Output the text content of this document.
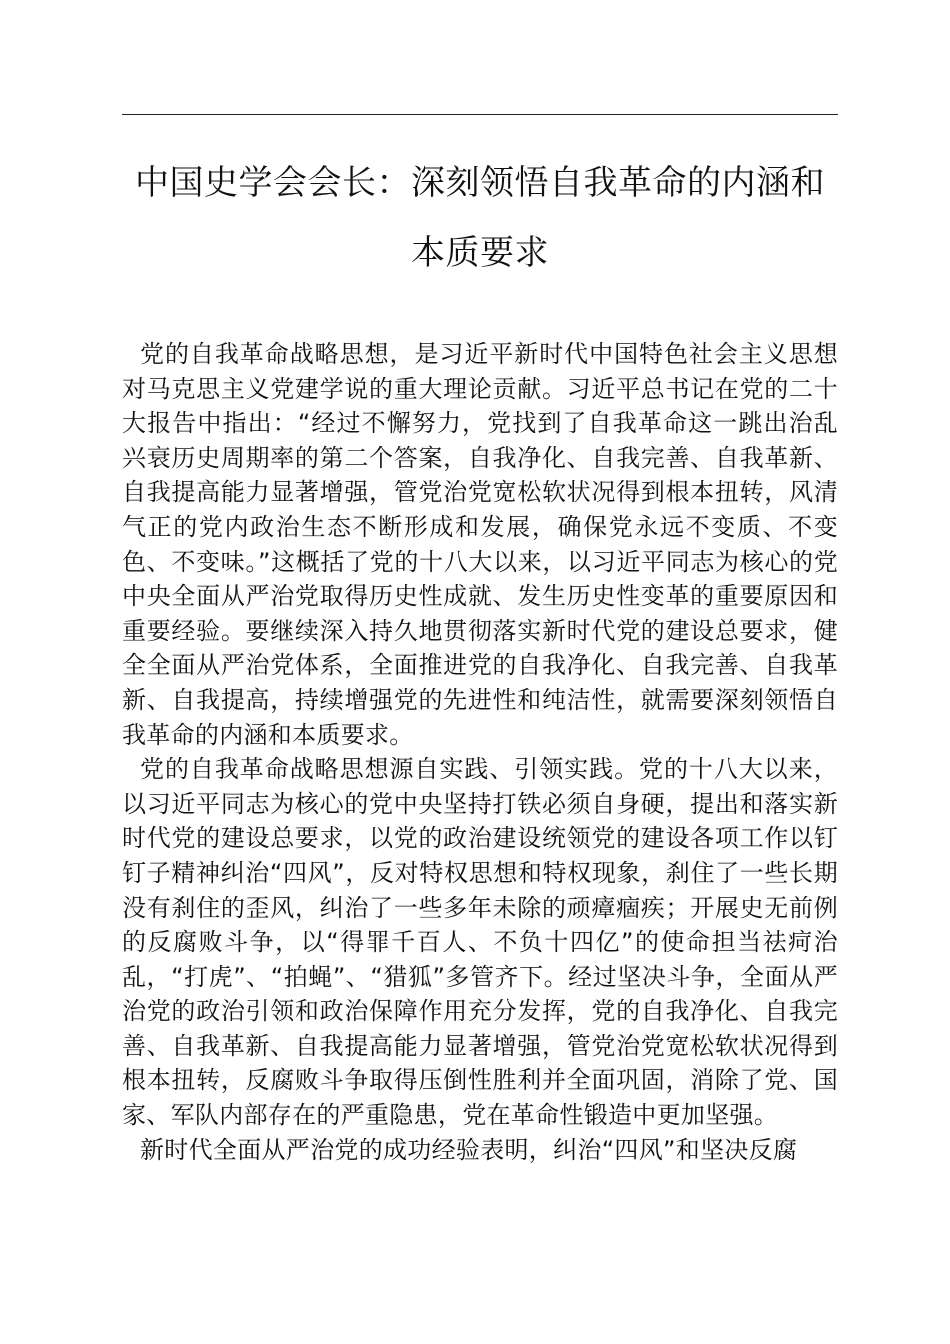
中国史学会会长：深刻领悟自我革命的内涵和
本质要求

党的自我革命战略思想，是习近平新时代中国特色社会主义思想对马克思主义党建学说的重大理论贡献。习近平总书记在党的二十大报告中指出：“经过不懈努力，党找到了自我革命这一跳出治乱兴衰历史周期率的第二个答案，自我净化、自我完善、自我革新、自我提高能力显著增强，管党治党宽松软状况得到根本扭转，风清气正的党内政治生态不断形成和发展，确保党永远不变质、不变色、不变味。”这概括了党的十八大以来，以习近平同志为核心的党中央全面从严治党取得历史性成就、发生历史性变革的重要原因和重要经验。要继续深入持久地贯彻落实新时代党的建设总要求，健全全面从严治党体系，全面推进党的自我净化、自我完善、自我革新、自我提高，持续增强党的先进性和纯洁性，就需要深刻领悟自我革命的内涵和本质要求。

党的自我革命战略思想源自实践、引领实践。党的十八大以来，以习近平同志为核心的党中央坚持打铁必须自身硬，提出和落实新时代党的建设总要求，以党的政治建设统领党的建设各项工作以钉钉子精神纠治“四风”，反对特权思想和特权现象，刹住了一些长期没有刹住的歪风，纠治了一些多年未除的顽瘴痼疾；开展史无前例的反腐败斗争，以“得罪千百人、不负十四亿”的使命担当祛疴治乱，“打虎”、“拍蝇”、“猎狐”多管齐下。经过坚决斗争，全面从严治党的政治引领和政治保障作用充分发挥，党的自我净化、自我完善、自我革新、自我提高能力显著增强，管党治党宽松软状况得到根本扭转，反腐败斗争取得压倒性胜利并全面巩固，消除了党、国家、军队内部存在的严重隐患，党在革命性锻造中更加坚强。

新时代全面从严治党的成功经验表明，纠治“四风”和坚决反腐
